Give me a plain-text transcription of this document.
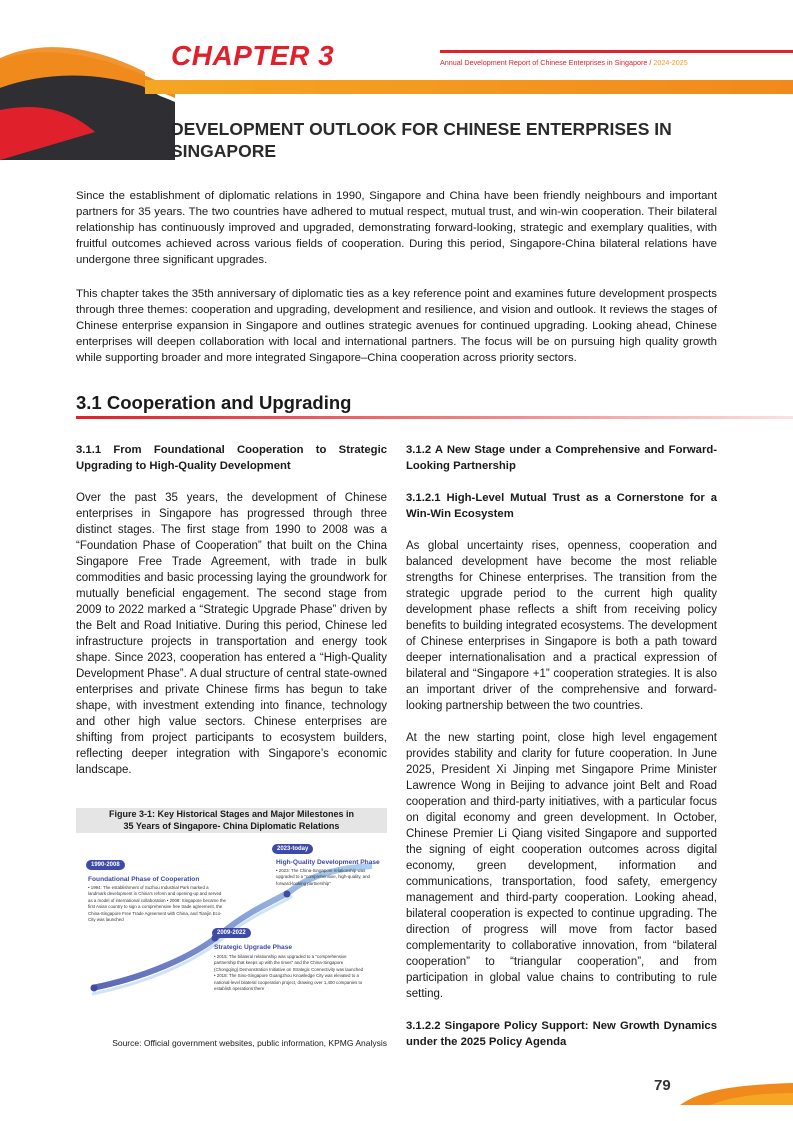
CHAPTER 3	Annual Development Report of Chinese Enterprises in Singapore / 2024-2025
DEVELOPMENT OUTLOOK FOR CHINESE ENTERPRISES IN SINGAPORE
Since the establishment of diplomatic relations in 1990, Singapore and China have been friendly neighbours and important partners for 35 years. The two countries have adhered to mutual respect, mutual trust, and win-win cooperation. Their bilateral relationship has continuously improved and upgraded, demonstrating forward-looking, strategic and exemplary qualities, with fruitful outcomes achieved across various fields of cooperation. During this period, Singapore-China bilateral relations have undergone three significant upgrades.
This chapter takes the 35th anniversary of diplomatic ties as a key reference point and examines future development prospects through three themes: cooperation and upgrading, development and resilience, and vision and outlook. It reviews the stages of Chinese enterprise expansion in Singapore and outlines strategic avenues for continued upgrading. Looking ahead, Chinese enterprises will deepen collaboration with local and international partners. The focus will be on pursuing high quality growth while supporting broader and more integrated Singapore–China cooperation across priority sectors.
3.1 Cooperation and Upgrading
3.1.1 From Foundational Cooperation to Strategic Upgrading to High-Quality Development
Over the past 35 years, the development of Chinese enterprises in Singapore has progressed through three distinct stages. The first stage from 1990 to 2008 was a “Foundation Phase of Cooperation” that built on the China Singapore Free Trade Agreement, with trade in bulk commodities and basic processing laying the groundwork for mutually beneficial engagement. The second stage from 2009 to 2022 marked a “Strategic Upgrade Phase” driven by the Belt and Road Initiative. During this period, Chinese led infrastructure projects in transportation and energy took shape. Since 2023, cooperation has entered a “High-Quality Development Phase”. A dual structure of central state-owned enterprises and private Chinese firms has begun to take shape, with investment extending into finance, technology and other high value sectors. Chinese enterprises are shifting from project participants to ecosystem builders, reflecting deeper integration with Singapore’s economic landscape.
Figure 3-1: Key Historical Stages and Major Milestones in
35 Years of Singapore- China Diplomatic Relations
1990-2008
Foundational Phase of Cooperation
• 1994: The establishment of Suzhou Industrial Park marked a landmark development in China's reform and opening-up and served as a model of international collaboration • 2008: Singapore became the first Asian country to sign a comprehensive free trade agreement, the China-Singapore Free Trade Agreement with China, and Tianjin Eco-City was launched
2009-2022
Strategic Upgrade Phase
• 2015: The bilateral relationship was upgraded to a "comprehensive partnership that keeps up with the times" and the China-Singapore (Chongqing) Demonstration Initiative on Strategic Connectivity was launched • 2018: The Sino-Singapore Guangzhou Knowledge City was elevated to a national-level bilateral cooperation project, drawing over 1,400 companies to establish operations there
2023-today
High-Quality Development Phase
• 2023: The China-Singapore relationship was upgraded to a "comprehensive, high-quality, and forward-looking partnership"
Source: Official government websites, public information, KPMG Analysis
3.1.2 A New Stage under a Comprehensive and Forward-Looking Partnership
3.1.2.1 High-Level Mutual Trust as a Cornerstone for a Win-Win Ecosystem
As global uncertainty rises, openness, cooperation and balanced development have become the most reliable strengths for Chinese enterprises. The transition from the strategic upgrade period to the current high quality development phase reflects a shift from receiving policy benefits to building integrated ecosystems. The development of Chinese enterprises in Singapore is both a path toward deeper internationalisation and a practical expression of bilateral and “Singapore +1” cooperation strategies. It is also an important driver of the comprehensive and forward-looking partnership between the two countries.
At the new starting point, close high level engagement provides stability and clarity for future cooperation. In June 2025, President Xi Jinping met Singapore Prime Minister Lawrence Wong in Beijing to advance joint Belt and Road cooperation and third-party initiatives, with a particular focus on digital economy and green development. In October, Chinese Premier Li Qiang visited Singapore and supported the signing of eight cooperation outcomes across digital economy, green development, information and communications, transportation, food safety, emergency management and third-party cooperation. Looking ahead, bilateral cooperation is expected to continue upgrading. The direction of progress will move from factor based complementarity to collaborative innovation, from “bilateral cooperation” to “triangular cooperation”, and from participation in global value chains to contributing to rule setting.
3.1.2.2 Singapore Policy Support: New Growth Dynamics under the 2025 Policy Agenda
79
